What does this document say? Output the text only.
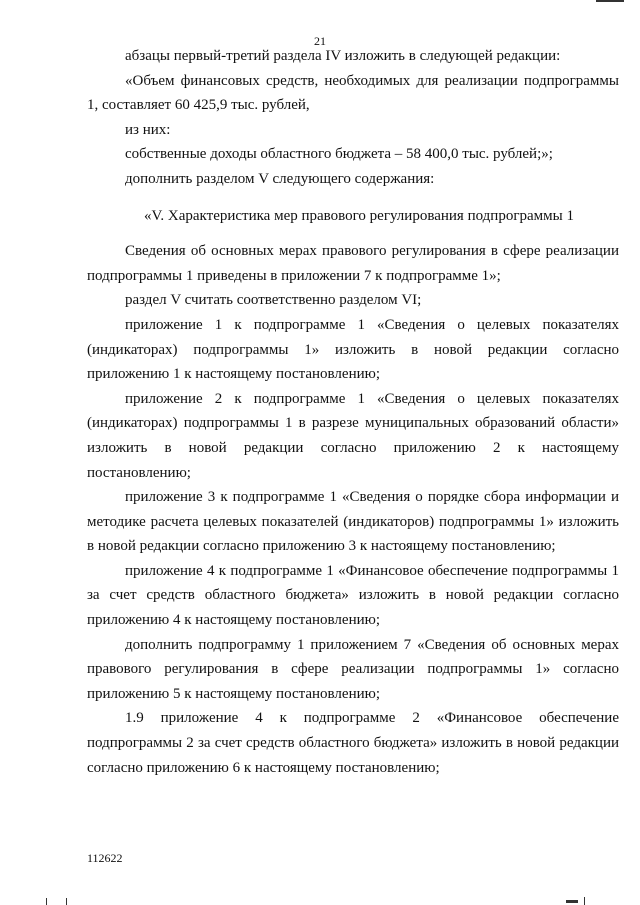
21

абзацы первый-третий раздела IV изложить в следующей редакции:

«Объем финансовых средств, необходимых для реализации подпрограммы 1, составляет 60 425,9 тыс. рублей,

из них:

собственные доходы областного бюджета – 58 400,0 тыс. рублей;»;

дополнить разделом V следующего содержания:

«V. Характеристика мер правового регулирования подпрограммы 1

Сведения об основных мерах правового регулирования в сфере реализации подпрограммы 1 приведены в приложении 7 к подпрограмме 1»;

раздел V считать соответственно разделом VI;

приложение 1 к подпрограмме 1 «Сведения о целевых показателях (индикаторах) подпрограммы 1» изложить в новой редакции согласно приложению 1 к настоящему постановлению;

приложение 2 к подпрограмме 1 «Сведения о целевых показателях (индикаторах) подпрограммы 1 в разрезе муниципальных образований области» изложить в новой редакции согласно приложению 2 к настоящему постановлению;

приложение 3 к подпрограмме 1 «Сведения о порядке сбора информации и методике расчета целевых показателей (индикаторов) подпрограммы 1» изложить в новой редакции согласно приложению 3 к настоящему постановлению;

приложение 4 к подпрограмме 1 «Финансовое обеспечение подпрограммы 1 за счет средств областного бюджета» изложить в новой редакции согласно приложению 4 к настоящему постановлению;

дополнить подпрограмму 1 приложением 7 «Сведения об основных мерах правового регулирования в сфере реализации подпрограммы 1» согласно приложению 5 к настоящему постановлению;

1.9 приложение 4 к подпрограмме 2 «Финансовое обеспечение подпрограммы 2 за счет средств областного бюджета» изложить в новой редакции согласно приложению 6 к настоящему постановлению;

112622
